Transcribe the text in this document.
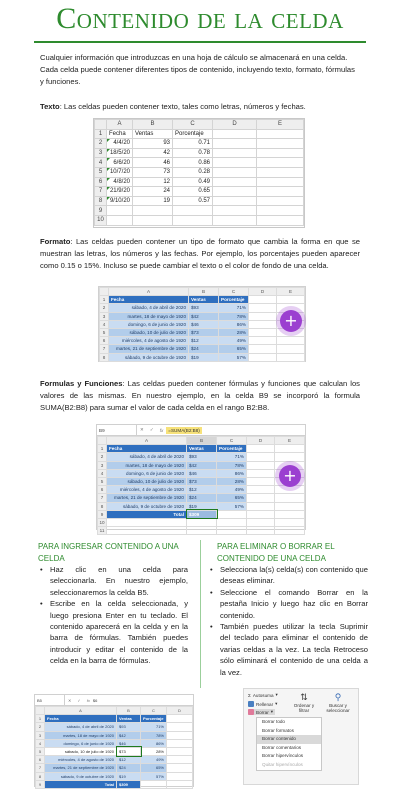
Contenido de la celda
Cualquier información que introduzcas en una hoja de cálculo se almacenará en una celda. Cada celda puede contener diferentes tipos de contenido, incluyendo texto, formato, fórmulas y funciones.
Texto: Las celdas pueden contener texto, tales como letras, números y fechas.
	A	B	C	D	E
1	Fecha	Ventas	Porcentaje		
2	4/4/20	93	0.71		
3	18/5/20	42	0.78		
4	6/6/20	46	0.86		
5	10/7/20	73	0.28		
6	4/8/20	12	0.49		
7	21/9/20	24	0.65		
8	9/10/20	19	0.57		
9					
10					
Formato: Las celdas pueden contener un tipo de formato que cambia la forma en que se muestran las letras, los números y las fechas. Por ejemplo, los porcentajes pueden aparecer como 0.15 o 15%. Incluso se puede cambiar el texto o el color de fondo de una celda.
	A	B	C	D	E
1	Fecha	Ventas	Porcentaje		
2	sábado, 4 de abril de 2020	$93	71%		
3	martes, 18 de mayo de 1920	$42	78%		
4	domingo, 6 de junio de 1920	$46	86%		
5	sábado, 10 de julio de 1920	$73	28%		
6	miércoles, 4 de agosto de 1920	$12	49%		
7	martes, 21 de septiembre de 1920	$24	65%		
8	sábado, 9 de octubre de 1920	$19	57%		
+
Formulas y Funciones: Las celdas pueden contener fórmulas y funciones que calculan los valores de las mismas. En nuestro ejemplo, en la celda B9 se incorporó la formula SUMA(B2:B8) para sumar el valor de cada celda en el rango B2:B8.
B9	✕	✓	fx	=SUMA(B2:B8)
	A	B	C	D	E
1	Fecha	Ventas	Porcentaje		
2	sábado, 4 de abril de 2020	$93	71%		
3	martes, 18 de mayo de 1920	$42	78%		
4	domingo, 6 de junio de 1920	$46	86%		
5	sábado, 10 de julio de 1920	$73	28%		
6	miércoles, 4 de agosto de 1920	$12	49%		
7	martes, 21 de septiembre de 1920	$24	65%		
8	sábado, 9 de octubre de 1920	$19	57%		
9	Total	$309			
10					
11					
+
PARA INGRESAR CONTENIDO A UNA CELDA
• Haz clic en una celda para seleccionarla. En nuestro ejemplo, seleccionaremos la celda B5.
• Escribe en la celda seleccionada, y luego presiona Enter en tu teclado. El contenido aparecerá en la celda y en la barra de fórmulas. También puedes introducir y editar el contenido de la celda en la barra de fórmulas.
PARA ELIMINAR O BORRAR EL CONTENIDO DE UNA CELDA
• Selecciona la(s) celda(s) con contenido que deseas eliminar.
• Seleccione el comando Borrar en la pestaña Inicio y luego haz clic en Borrar contenido.
• También puedes utilizar la tecla Suprimir del teclado para eliminar el contenido de varias celdas a la vez. La tecla Retroceso sólo eliminará el contenido de una celda a la vez.
B5	✕	✓	fx $6
	A	B	C	D
1	Fecha	Ventas	Porcentaje	
2	sábado, 4 de abril de 2020	$93	71%	
3	martes, 18 de mayo de 1920	$42	78%	
4	domingo, 6 de junio de 1920	$46	86%	
5	sábado, 10 de julio de 1920	$73	28%	
6	miércoles, 4 de agosto de 1920	$12	49%	
7	martes, 21 de septiembre de 1920	$24	65%	
8	sábado, 9 de octubre de 1920	$19	57%	
9	Total	$309		
Σ Autosuma ▾
Rellenar ▾
Borrar ▾
⇅
Ordenar y filtrar
⚲
Buscar y seleccionar
Borrar todo
Borrar formatos
Borrar contenido
Borrar comentarios
Borrar hipervínculos
Quitar hipervínculos
